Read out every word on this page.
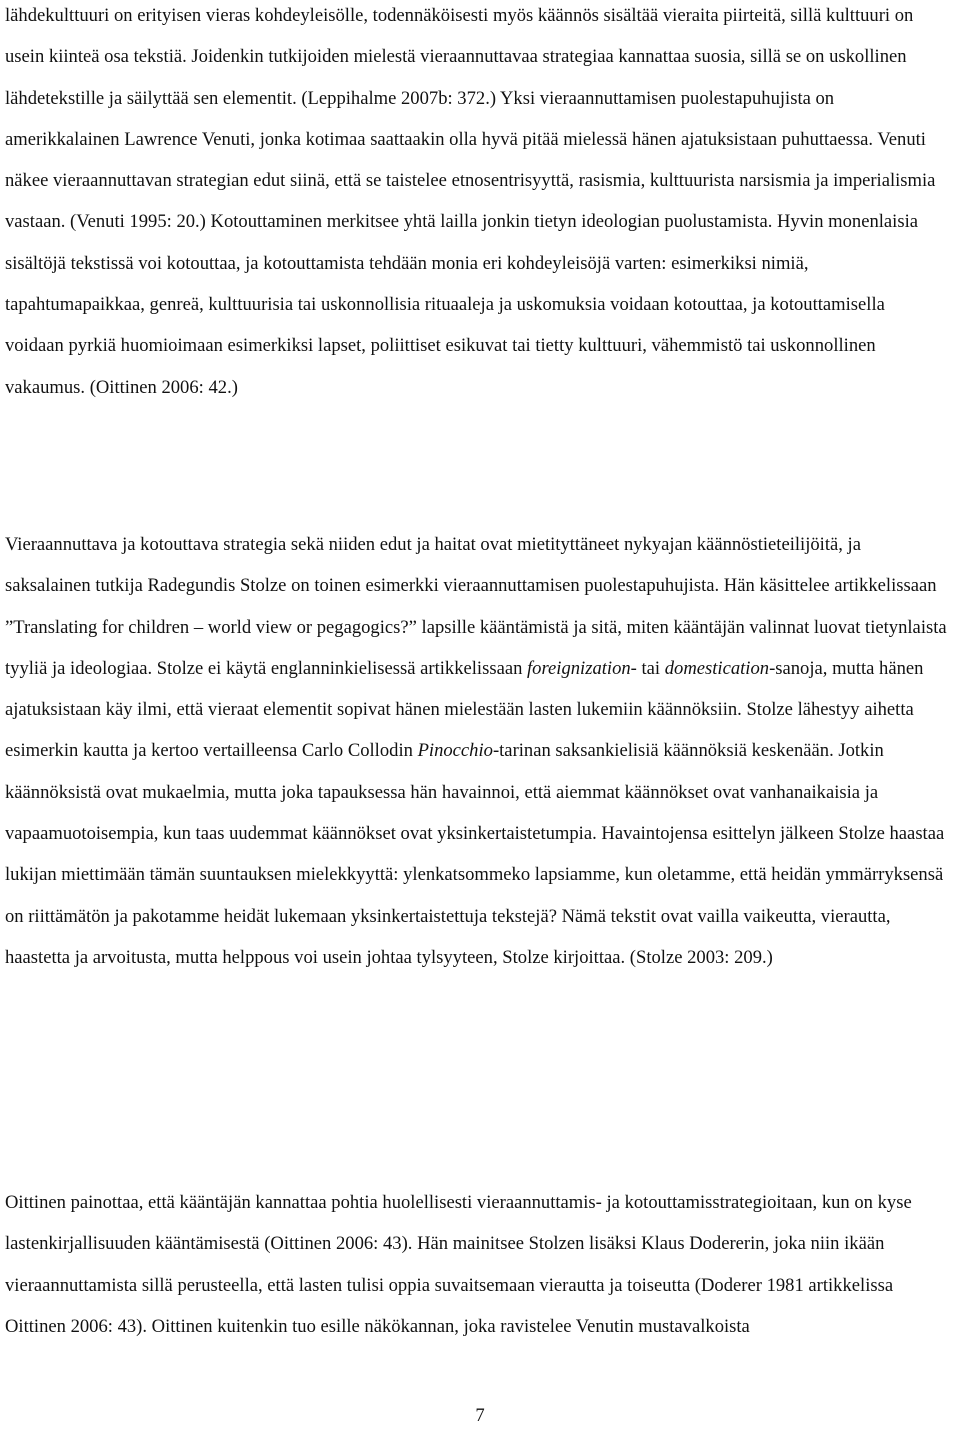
lähdekulttuuri on erityisen vieras kohdeyleisölle, todennäköisesti myös käännös sisältää vieraita piirteitä, sillä kulttuuri on usein kiinteä osa tekstiä. Joidenkin tutkijoiden mielestä vieraannuttavaa strategiaa kannattaa suosia, sillä se on uskollinen lähdetekstille ja säilyttää sen elementit. (Leppihalme 2007b: 372.) Yksi vieraannuttamisen puolestapuhujista on amerikkalainen Lawrence Venuti, jonka kotimaa saattaakin olla hyvä pitää mielessä hänen ajatuksistaan puhuttaessa. Venuti näkee vieraannuttavan strategian edut siinä, että se taistelee etnosentrisyyttä, rasismia, kulttuurista narsismia ja imperialismia vastaan. (Venuti 1995: 20.) Kotouttaminen merkitsee yhtä lailla jonkin tietyn ideologian puolustamista. Hyvin monenlaisia sisältöjä tekstissä voi kotouttaa, ja kotouttamista tehdään monia eri kohdeyleisöjä varten: esimerkiksi nimiä, tapahtumapaikkaa, genreä, kulttuurisia tai uskonnollisia rituaaleja ja uskomuksia voidaan kotouttaa, ja kotouttamisella voidaan pyrkiä huomioimaan esimerkiksi lapset, poliittiset esikuvat tai tietty kulttuuri, vähemmistö tai uskonnollinen vakaumus. (Oittinen 2006: 42.)

Vieraannuttava ja kotouttava strategia sekä niiden edut ja haitat ovat mietityttäneet nykyajan käännöstieteilijöitä, ja saksalainen tutkija Radegundis Stolze on toinen esimerkki vieraannuttamisen puolestapuhujista. Hän käsittelee artikkelissaan ”Translating for children – world view or pegagogics?” lapsille kääntämistä ja sitä, miten kääntäjän valinnat luovat tietynlaista tyyliä ja ideologiaa. Stolze ei käytä englanninkielisessä artikkelissaan foreignization- tai domestication-sanoja, mutta hänen ajatuksistaan käy ilmi, että vieraat elementit sopivat hänen mielestään lasten lukemiin käännöksiin. Stolze lähestyy aihetta esimerkin kautta ja kertoo vertailleensa Carlo Collodin Pinocchio-tarinan saksankielisiä käännöksiä keskenään. Jotkin käännöksistä ovat mukaelmia, mutta joka tapauksessa hän havainnoi, että aiemmat käännökset ovat vanhanaikaisia ja vapaamuotoisempia, kun taas uudemmat käännökset ovat yksinkertaistetumpia. Havaintojensa esittelyn jälkeen Stolze haastaa lukijan miettimään tämän suuntauksen mielekkyyttä: ylenkatsommeko lapsiamme, kun oletamme, että heidän ymmärryksensä on riittämätön ja pakotamme heidät lukemaan yksinkertaistettuja tekstejä? Nämä tekstit ovat vailla vaikeutta, vierautta, haastetta ja arvoitusta, mutta helppous voi usein johtaa tylsyyteen, Stolze kirjoittaa. (Stolze 2003: 209.)

Oittinen painottaa, että kääntäjän kannattaa pohtia huolellisesti vieraannuttamis- ja kotouttamisstrategioitaan, kun on kyse lastenkirjallisuuden kääntämisestä (Oittinen 2006: 43). Hän mainitsee Stolzen lisäksi Klaus Dodererin, joka niin ikään vieraannuttamista sillä perusteella, että lasten tulisi oppia suvaitsemaan vierautta ja toiseutta (Doderer 1981 artikkelissa Oittinen 2006: 43). Oittinen kuitenkin tuo esille näkökannan, joka ravistelee Venutin mustavalkoista

7
